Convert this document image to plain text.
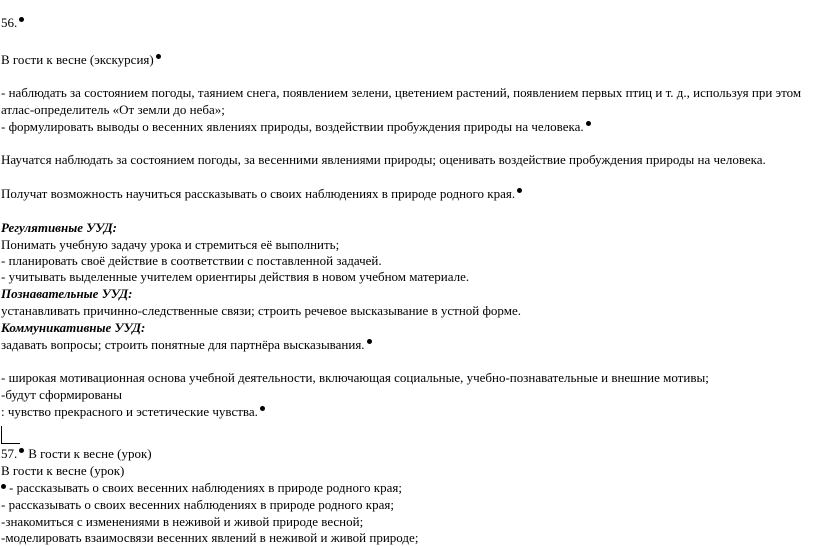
56.
В гости к весне (экскурсия)
- наблюдать за состоянием погоды, таянием снега, появлением зелени, цветением растений, появлением первых птиц и т. д., используя при этом
атлас-определитель «От земли до неба»;
- формулировать выводы о весенних явлениях природы, воздействии пробуждения природы на человека.
Научатся наблюдать за состоянием погоды, за весенними явлениями природы; оценивать воздействие пробуждения природы на человека.
Получат возможность научиться рассказывать о своих наблюдениях в природе родного края.
Регулятивные УУД:
Понимать учебную задачу урока и стремиться её выполнить;
- планировать своё действие в соответствии с поставленной задачей.
- учитывать выделенные учителем ориентиры действия в новом учебном материале.
Познавательные УУД:
устанавливать причинно-следственные связи; строить речевое высказывание в устной форме.
Коммуникативные УУД:
задавать вопросы; строить понятные для партнёра высказывания.
- широкая мотивационная основа учебной деятельности, включающая социальные, учебно-познавательные и внешние мотивы;
-будут сформированы
: чувство прекрасного и эстетические чувства.
57. В гости к весне (урок)
В гости к весне (урок)
- рассказывать о своих весенних наблюдениях в природе родного края;
- рассказывать о своих весенних наблюдениях в природе родного края;
-знакомиться с изменениями в неживой и живой природе весной;
-моделировать взаимосвязи весенних явлений в неживой и живой природе;
